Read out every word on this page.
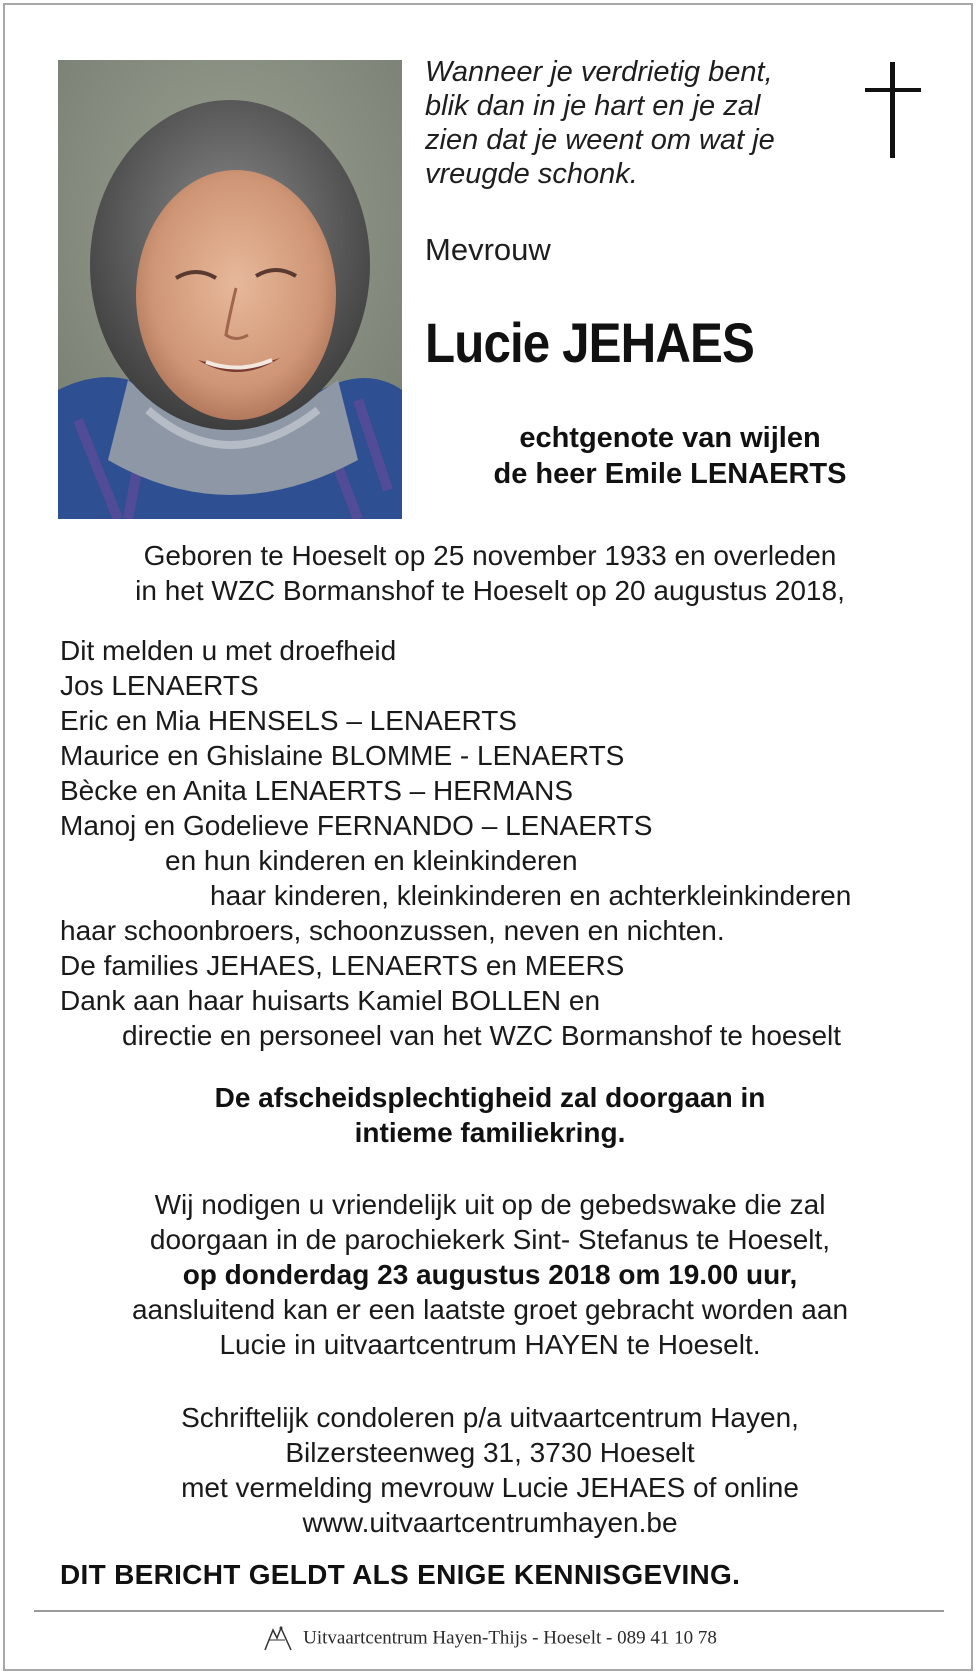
Wanneer je verdrietig bent,
blik dan in je hart en je zal
zien dat je weent om wat je
vreugde schonk.
Mevrouw
Lucie JEHAES
echtgenote van wijlen
de heer Emile LENAERTS
Geboren te Hoeselt op 25 november 1933 en overleden
in het WZC Bormanshof te Hoeselt op 20 augustus 2018,
Dit melden u met droefheid
Jos LENAERTS
Eric en Mia HENSELS – LENAERTS
Maurice en Ghislaine BLOMME - LENAERTS
Bècke en Anita LENAERTS – HERMANS
Manoj en Godelieve FERNANDO – LENAERTS
en hun kinderen en kleinkinderen
haar kinderen, kleinkinderen en achterkleinkinderen
haar schoonbroers, schoonzussen, neven en nichten.
De families JEHAES, LENAERTS en MEERS
Dank aan haar huisarts Kamiel BOLLEN en
directie en personeel van het WZC Bormanshof te hoeselt
De afscheidsplechtigheid zal doorgaan in
intieme familiekring.
Wij nodigen u vriendelijk uit op de gebedswake die zal
doorgaan in de parochiekerk Sint- Stefanus te Hoeselt,
op donderdag 23 augustus 2018 om 19.00 uur,
aansluitend kan er een laatste groet gebracht worden aan
Lucie in uitvaartcentrum HAYEN te Hoeselt.
Schriftelijk condoleren p/a uitvaartcentrum Hayen,
Bilzersteenweg 31, 3730 Hoeselt
met vermelding mevrouw Lucie JEHAES of online
www.uitvaartcentrumhayen.be
DIT BERICHT GELDT ALS ENIGE KENNISGEVING.
Uitvaartcentrum Hayen-Thijs - Hoeselt - 089 41 10 78
